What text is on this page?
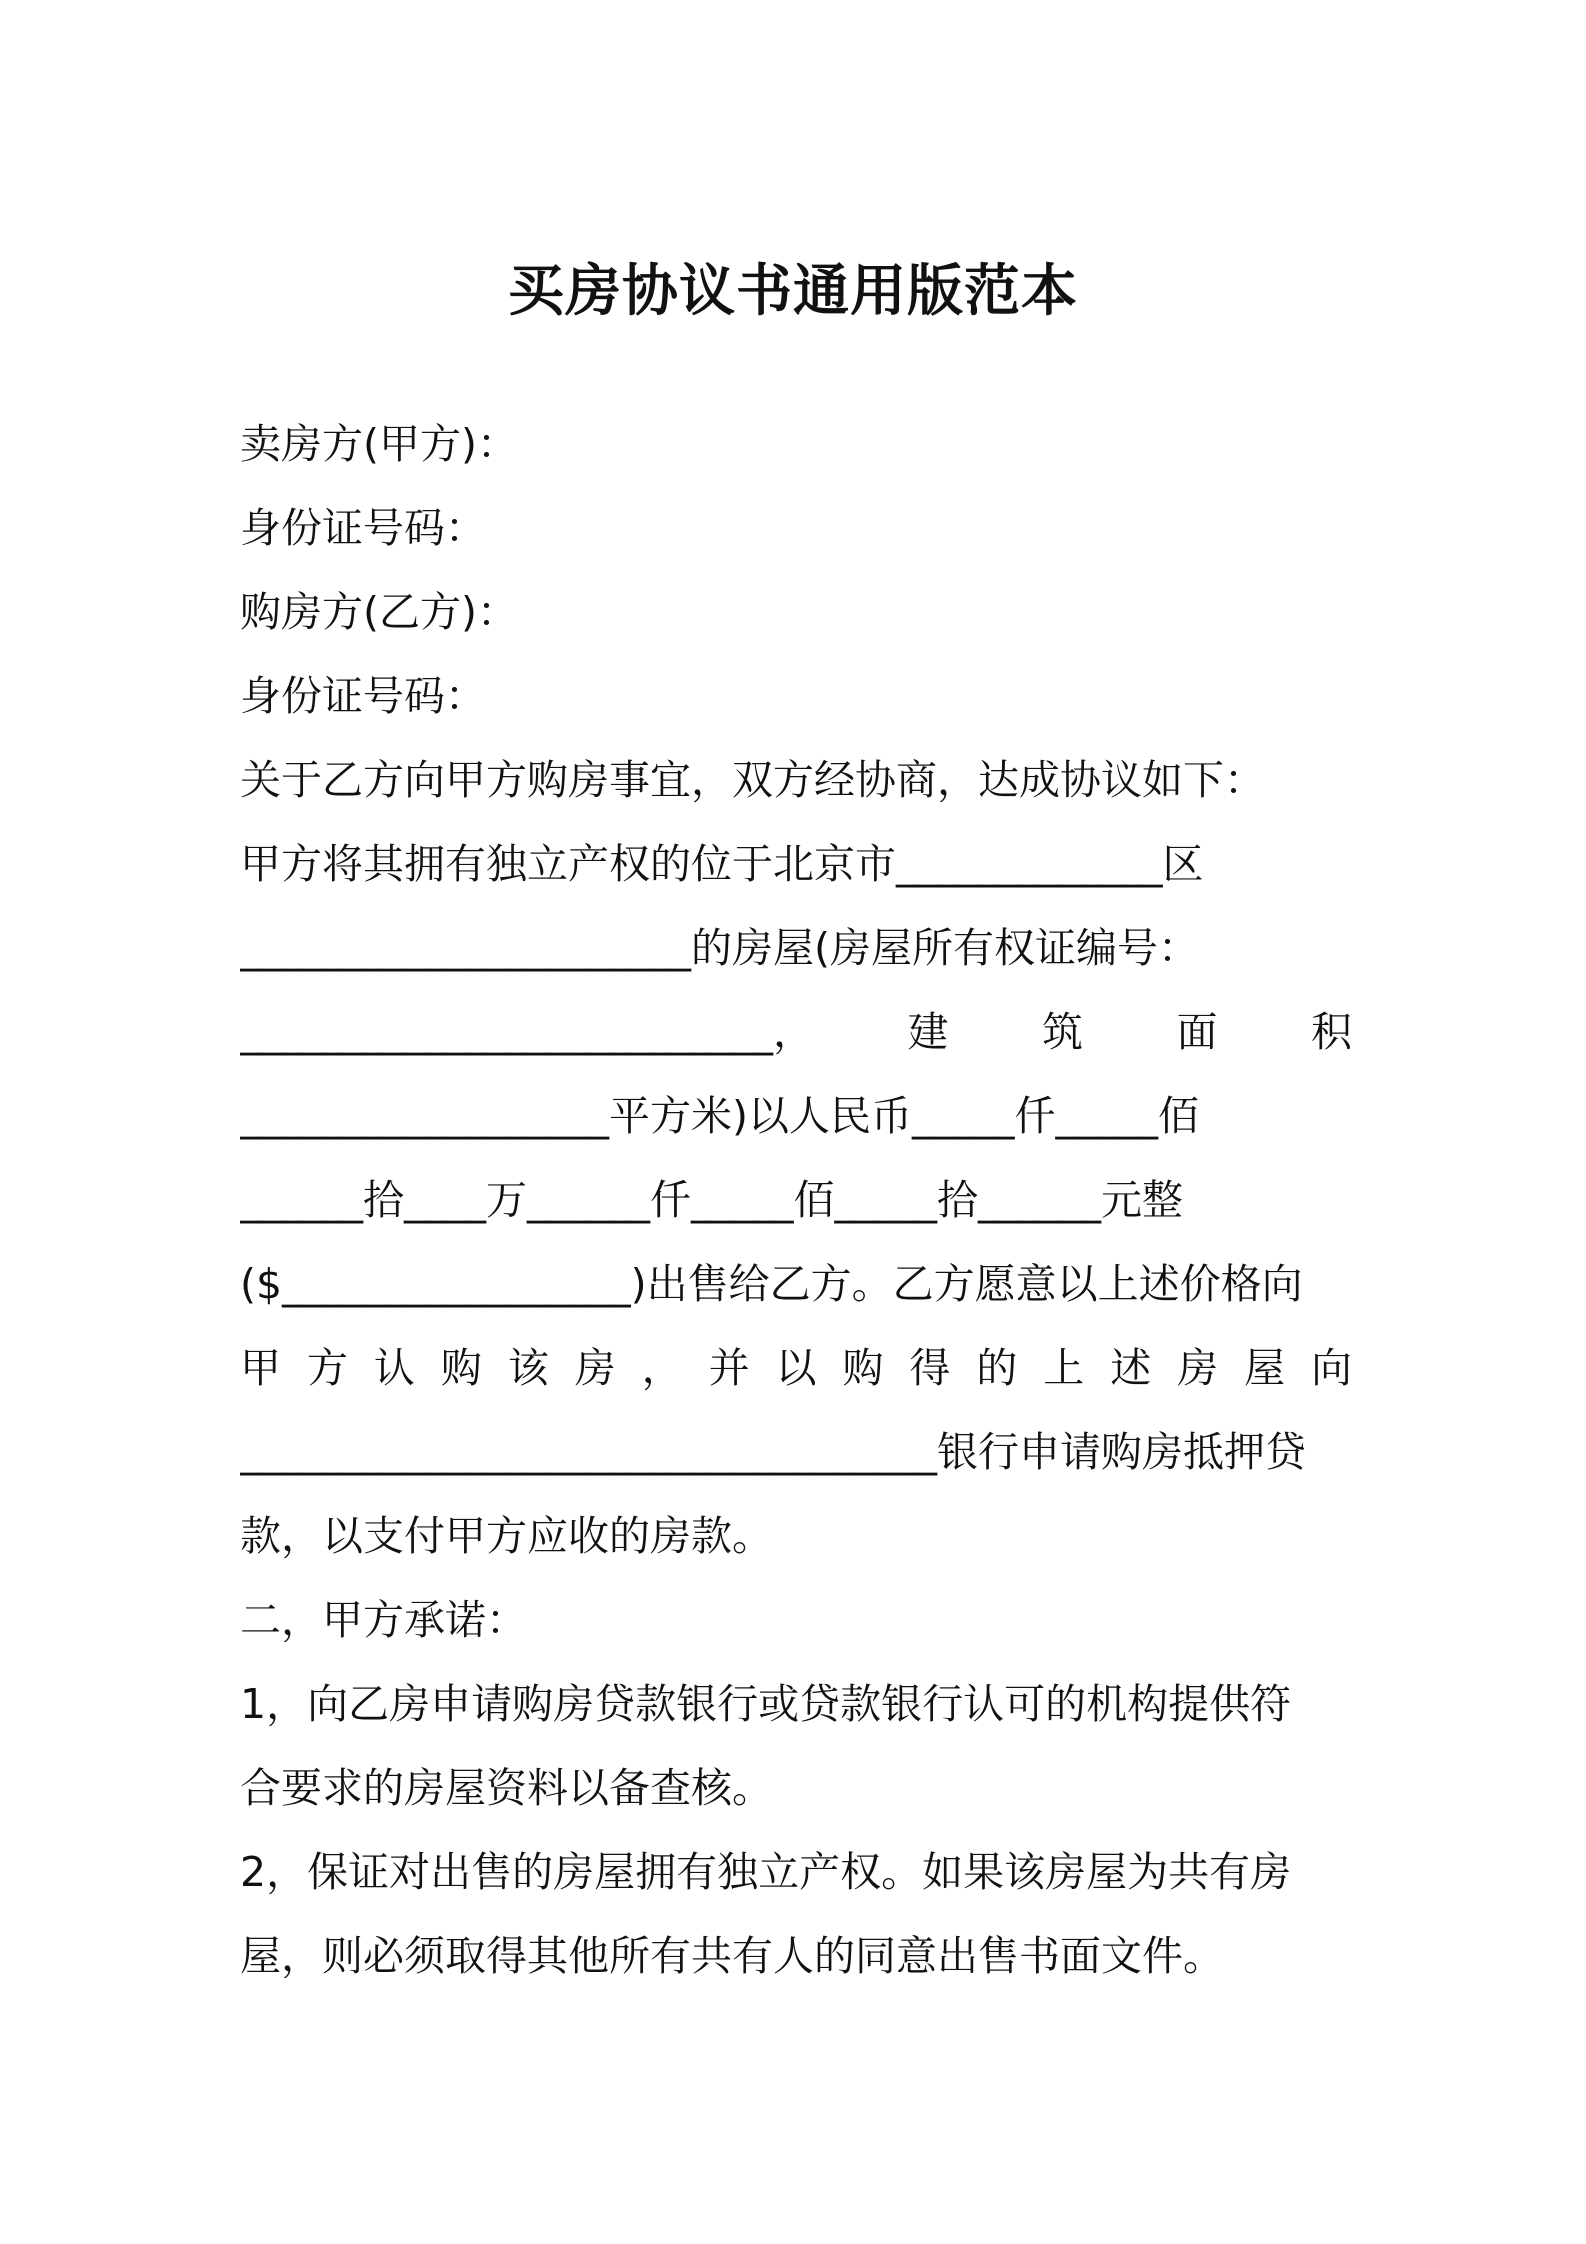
买房协议书通用版范本
卖房方(甲方)：
身份证号码：
购房方(乙方)：
身份证号码：
关于乙方向甲方购房事宜，双方经协商，达成协议如下：
甲方将其拥有独立产权的位于北京市_____________区
______________________的房屋(房屋所有权证编号：
__________________________， 建 筑 面 积
__________________平方米)以人民币_____仟_____佰
______拾____万______仟_____佰_____拾______元整
($_________________)出售给乙方。乙方愿意以上述价格向
甲 方 认 购 该 房 ， 并 以 购 得 的 上 述 房 屋 向
__________________________________银行申请购房抵押贷
款，以支付甲方应收的房款。
二，甲方承诺：
1，向乙房申请购房贷款银行或贷款银行认可的机构提供符
合要求的房屋资料以备查核。
2，保证对出售的房屋拥有独立产权。如果该房屋为共有房
屋，则必须取得其他所有共有人的同意出售书面文件。
